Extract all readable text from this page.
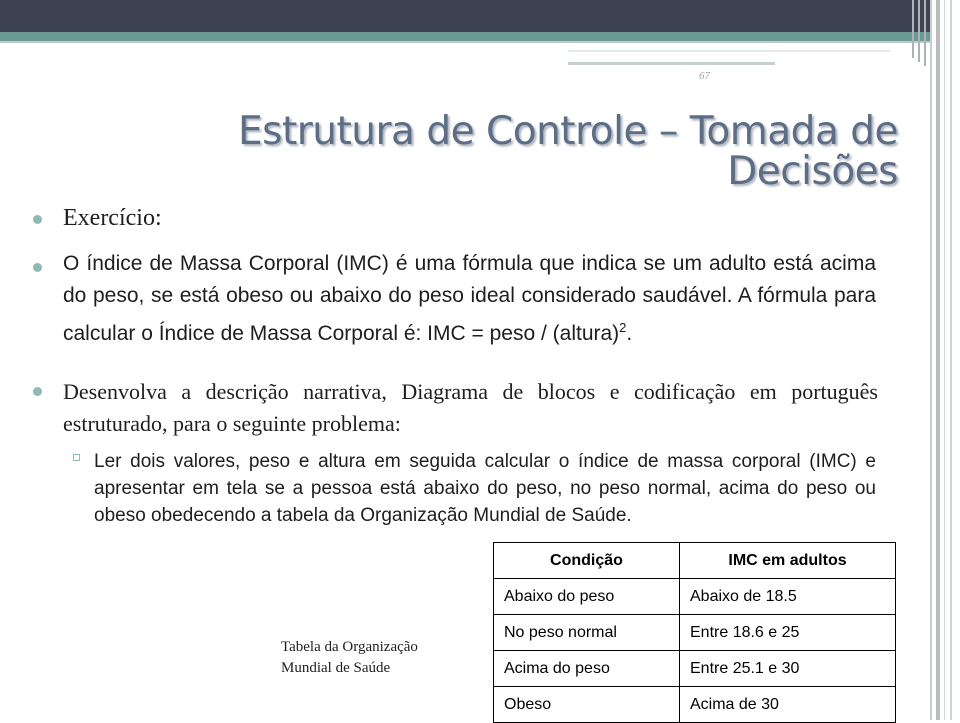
67
Estrutura de Controle – Tomada de Decisões
Exercício:
O índice de Massa Corporal (IMC) é uma fórmula que indica se um adulto está acima do peso, se está obeso ou abaixo do peso ideal considerado saudável. A fórmula para calcular o Índice de Massa Corporal é: IMC = peso / (altura)$^2$.
Desenvolva a descrição narrativa, Diagrama de blocos e codificação em português estruturado, para o seguinte problema:
Ler dois valores, peso e altura em seguida calcular o índice de massa corporal (IMC) e apresentar em tela se a pessoa está abaixo do peso, no peso normal, acima do peso ou obeso obedecendo a tabela da Organização Mundial de Saúde.
Tabela da Organização
Mundial de Saúde
Condição	IMC em adultos
Abaixo do peso	Abaixo de 18.5
No peso normal	Entre 18.6 e 25
Acima do peso	Entre 25.1 e 30
Obeso	Acima de 30
